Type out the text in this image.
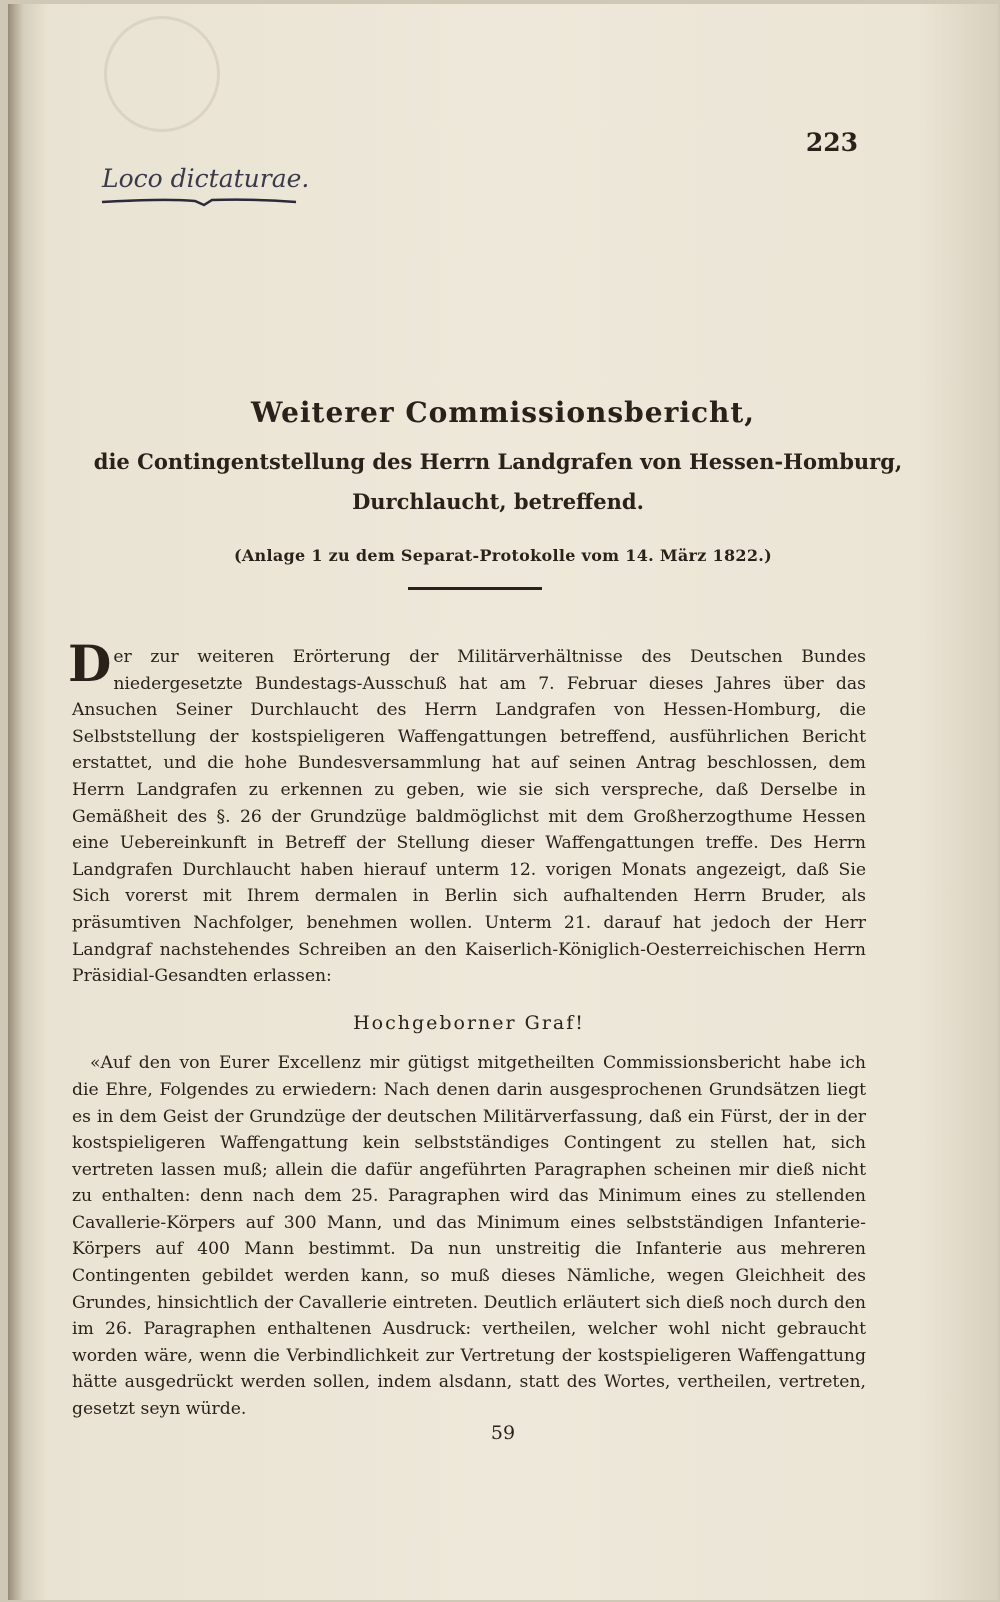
223
Loco dictaturae.
Weiterer Commissionsbericht,
die Contingentstellung des Herrn Landgrafen von Hessen-Homburg, Durchlaucht, betreffend.
(Anlage 1 zu dem Separat-Protokolle vom 14. März 1822.)

Der zur weiteren Erörterung der Militärverhältnisse des Deutschen Bundes niedergesetzte Bundestags-Ausschuß hat am 7. Februar dieses Jahres über das Ansuchen Seiner Durchlaucht des Herrn Landgrafen von Hessen-Homburg, die Selbststellung der kostspieligeren Waffengattungen betreffend, ausführlichen Bericht erstattet, und die hohe Bundesversammlung hat auf seinen Antrag beschlossen, dem Herrn Landgrafen zu erkennen zu geben, wie sie sich verspreche, daß Derselbe in Gemäßheit des §. 26 der Grundzüge baldmöglichst mit dem Großherzogthume Hessen eine Uebereinkunft in Betreff der Stellung dieser Waffengattungen treffe. Des Herrn Landgrafen Durchlaucht haben hierauf unterm 12. vorigen Monats angezeigt, daß Sie Sich vorerst mit Ihrem dermalen in Berlin sich aufhaltenden Herrn Bruder, als präsumtiven Nachfolger, benehmen wollen. Unterm 21. darauf hat jedoch der Herr Landgraf nachstehendes Schreiben an den Kaiserlich-Königlich-Oesterreichischen Herrn Präsidial-Gesandten erlassen:

Hochgeborner Graf!

«Auf den von Eurer Excellenz mir gütigst mitgetheilten Commissionsbericht habe ich die Ehre, Folgendes zu erwiedern: Nach denen darin ausgesprochenen Grundsätzen liegt es in dem Geist der Grundzüge der deutschen Militärverfassung, daß ein Fürst, der in der kostspieligeren Waffengattung kein selbstständiges Contingent zu stellen hat, sich vertreten lassen muß; allein die dafür angeführten Paragraphen scheinen mir dieß nicht zu enthalten: denn nach dem 25. Paragraphen wird das Minimum eines zu stellenden Cavallerie-Körpers auf 300 Mann, und das Minimum eines selbstständigen Infanterie-Körpers auf 400 Mann bestimmt. Da nun unstreitig die Infanterie aus mehreren Contingenten gebildet werden kann, so muß dieses Nämliche, wegen Gleichheit des Grundes, hinsichtlich der Cavallerie eintreten. Deutlich erläutert sich dieß noch durch den im 26. Paragraphen enthaltenen Ausdruck: vertheilen, welcher wohl nicht gebraucht worden wäre, wenn die Verbindlichkeit zur Vertretung der kostspieligeren Waffengattung hätte ausgedrückt werden sollen, indem alsdann, statt des Wortes, vertheilen, vertreten, gesetzt seyn würde.

59
